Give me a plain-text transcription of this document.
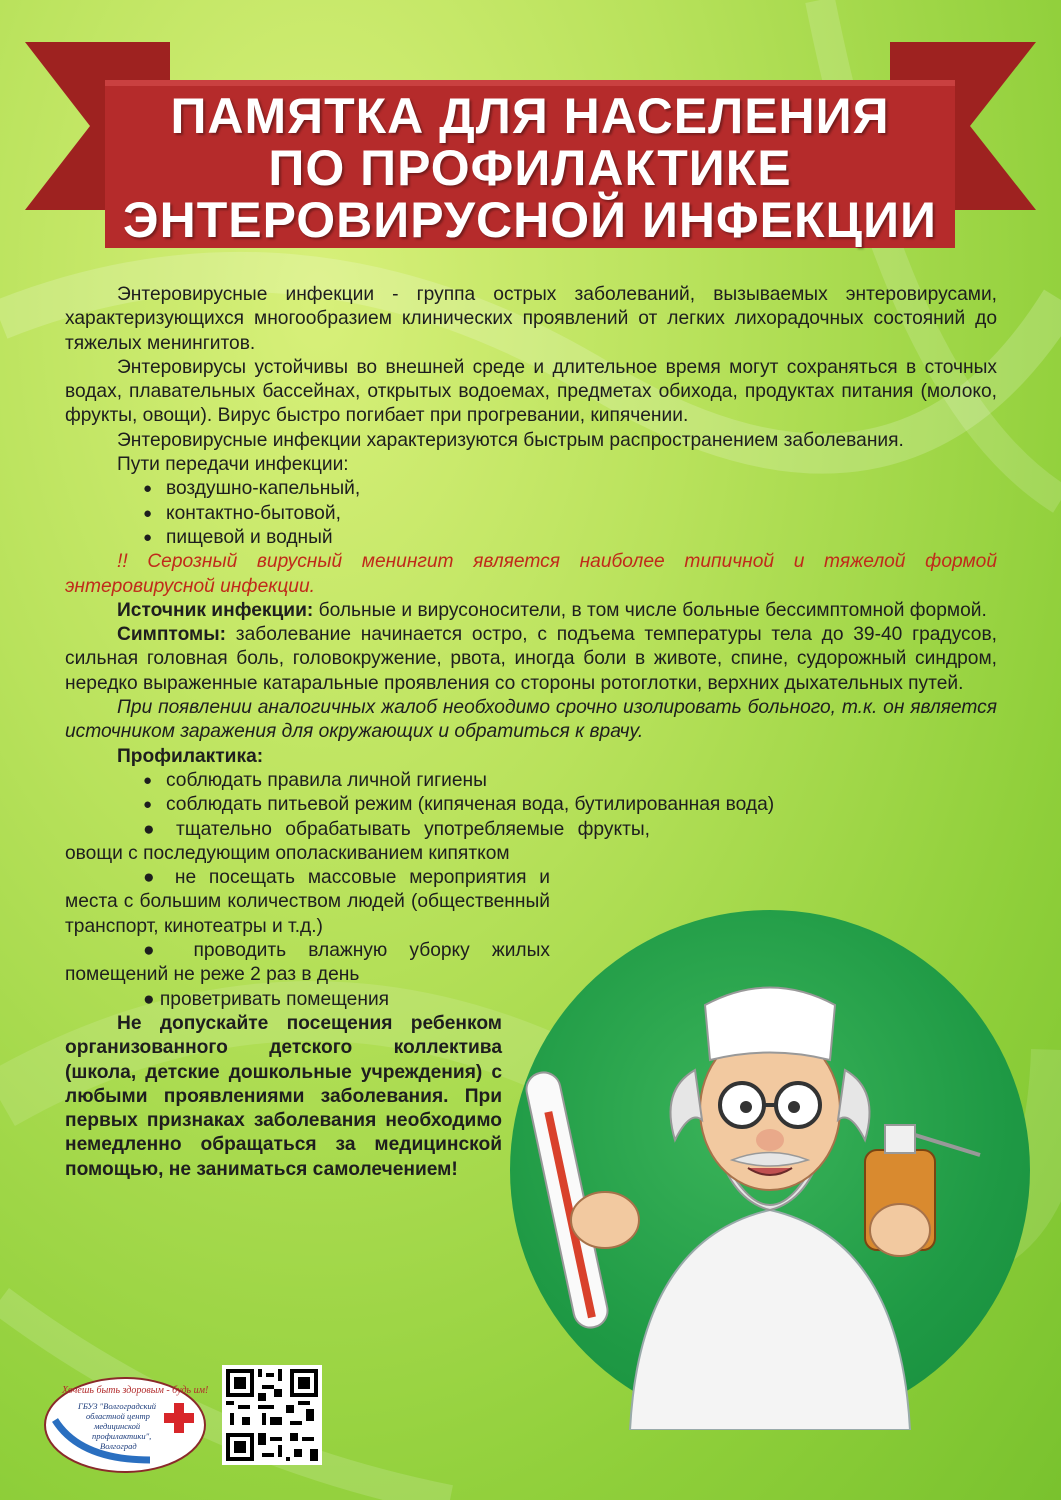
ПАМЯТКА ДЛЯ НАСЕЛЕНИЯ
ПО ПРОФИЛАКТИКЕ
ЭНТЕРОВИРУСНОЙ ИНФЕКЦИИ

Энтеровирусные инфекции - группа острых заболеваний, вызываемых энтеровирусами, характеризующихся многообразием клинических проявлений от легких лихорадочных состояний до тяжелых менингитов.

Энтеровирусы устойчивы во внешней среде и длительное время могут сохраняться в сточных водах, плавательных бассейнах, открытых водоемах, предметах обихода, продуктах питания (молоко, фрукты, овощи). Вирус быстро погибает при прогревании, кипячении.

Энтеровирусные инфекции характеризуются быстрым распространением заболевания.

Пути передачи инфекции:

● воздушно-капельный,
● контактно-бытовой,
● пищевой и водный

!! Серозный вирусный менингит является наиболее типичной и тяжелой формой энтеровирусной инфекции.

Источник инфекции: больные и вирусоносители, в том числе больные бессимптомной формой.

Симптомы: заболевание начинается остро, с подъема температуры тела до 39-40 градусов, сильная головная боль, головокружение, рвота, иногда боли в животе, спине, судорожный синдром, нередко выраженные катаральные проявления со стороны ротоглотки, верхних дыхательных путей.

При появлении аналогичных жалоб необходимо срочно изолировать больного, т.к. он является источником заражения для окружающих и обратиться к врачу.

Профилактика:

● соблюдать правила личной гигиены
● соблюдать питьевой режим (кипяченая вода, бутилированная вода)

● тщательно обрабатывать употребляемые фрукты, овощи с последующим ополаскиванием кипятком

● не посещать массовые мероприятия и места с большим количеством людей (общественный транспорт, кинотеатры и т.д.)

● проводить влажную уборку жилых помещений не реже 2 раз в день

● проветривать помещения

Не допускайте посещения ребенком организованного детского коллектива (школа, детские дошкольные учреждения) с любыми проявлениями заболевания. При первых признаках заболевания необходимо немедленно обращаться за медицинской помощью, не заниматься самолечением!

Хочешь быть здоровым - будь им!
ГБУЗ "Волгоградский
областной центр
медицинской
профилактики",
Волгоград
